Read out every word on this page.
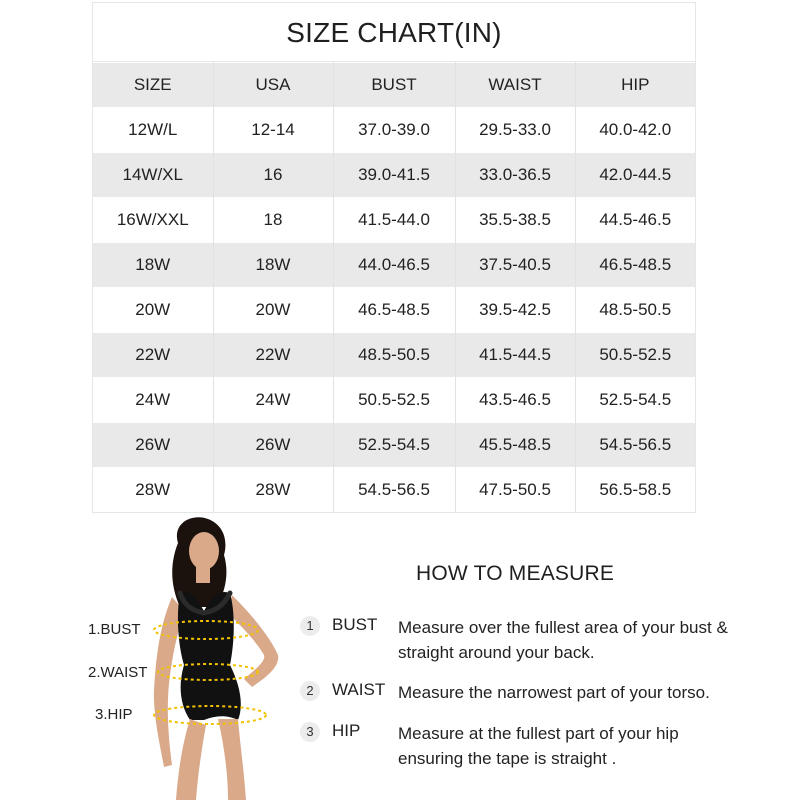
SIZE CHART(IN)
SIZE	USA	BUST	WAIST	HIP
12W/L	12-14	37.0-39.0	29.5-33.0	40.0-42.0
14W/XL	16	39.0-41.5	33.0-36.5	42.0-44.5
16W/XXL	18	41.5-44.0	35.5-38.5	44.5-46.5
18W	18W	44.0-46.5	37.5-40.5	46.5-48.5
20W	20W	46.5-48.5	39.5-42.5	48.5-50.5
22W	22W	48.5-50.5	41.5-44.5	50.5-52.5
24W	24W	50.5-52.5	43.5-46.5	52.5-54.5
26W	26W	52.5-54.5	45.5-48.5	54.5-56.5
28W	28W	54.5-56.5	47.5-50.5	56.5-58.5
1.BUST
2.WAIST
3.HIP
HOW TO MEASURE
1	BUST Measure over the fullest area of your bust & straight around your back.
2	WAIST Measure the narrowest part of your torso.
3	HIP Measure at the fullest part of your hip ensuring the tape is straight .
